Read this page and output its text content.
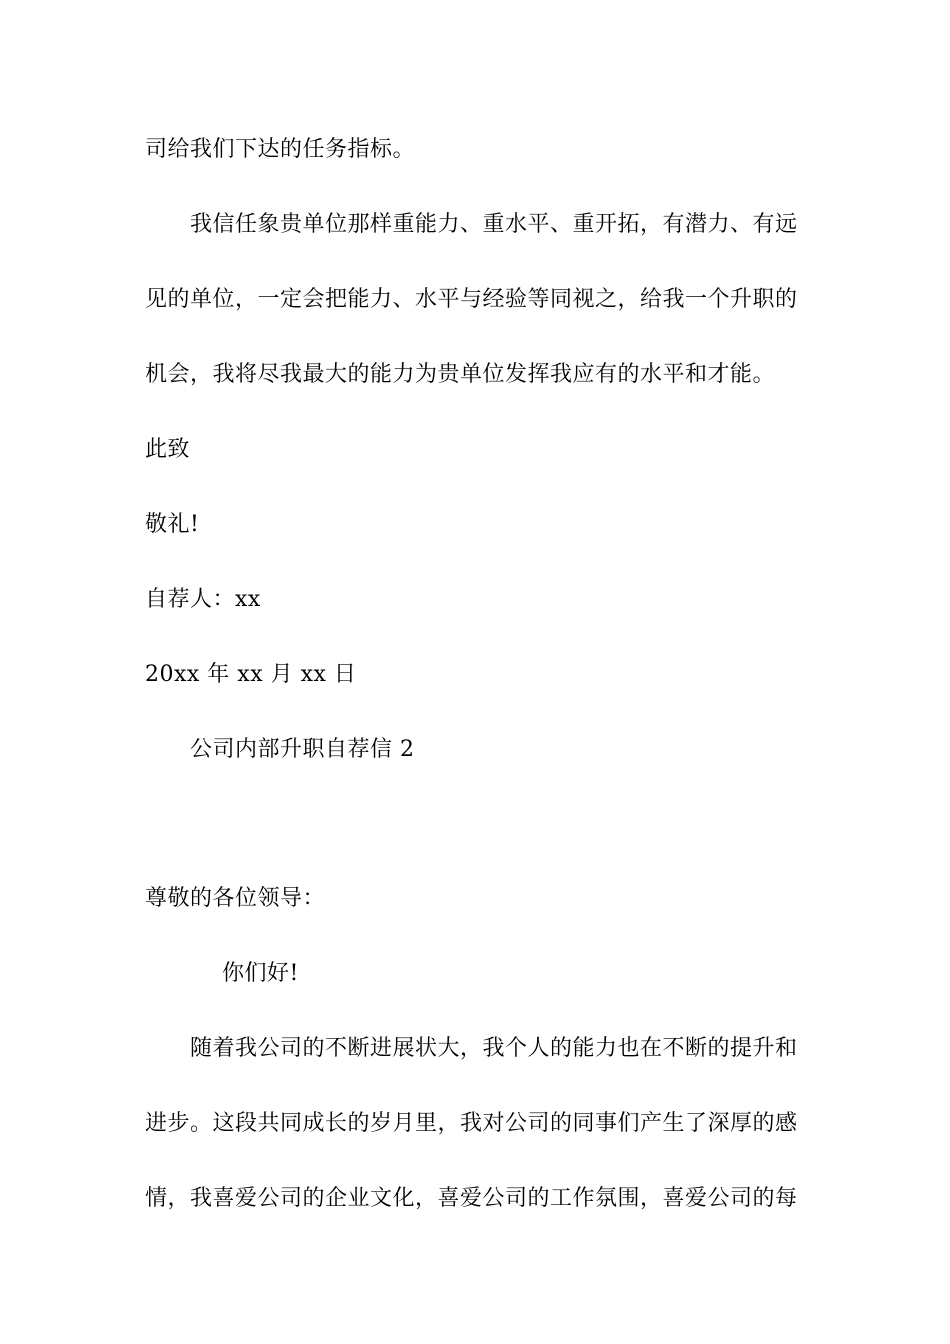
司给我们下达的任务指标。
我信任象贵单位那样重能力、重水平、重开拓，有潜力、有远
见的单位，一定会把能力、水平与经验等同视之，给我一个升职的
机会，我将尽我最大的能力为贵单位发挥我应有的水平和才能。
此致
敬礼!
自荐人：xx
20xx 年 xx 月 xx 日
公司内部升职自荐信 2
尊敬的各位领导：
你们好!
随着我公司的不断进展状大，我个人的能力也在不断的提升和
进步。这段共同成长的岁月里，我对公司的同事们产生了深厚的感
情，我喜爱公司的企业文化，喜爱公司的工作氛围，喜爱公司的每
